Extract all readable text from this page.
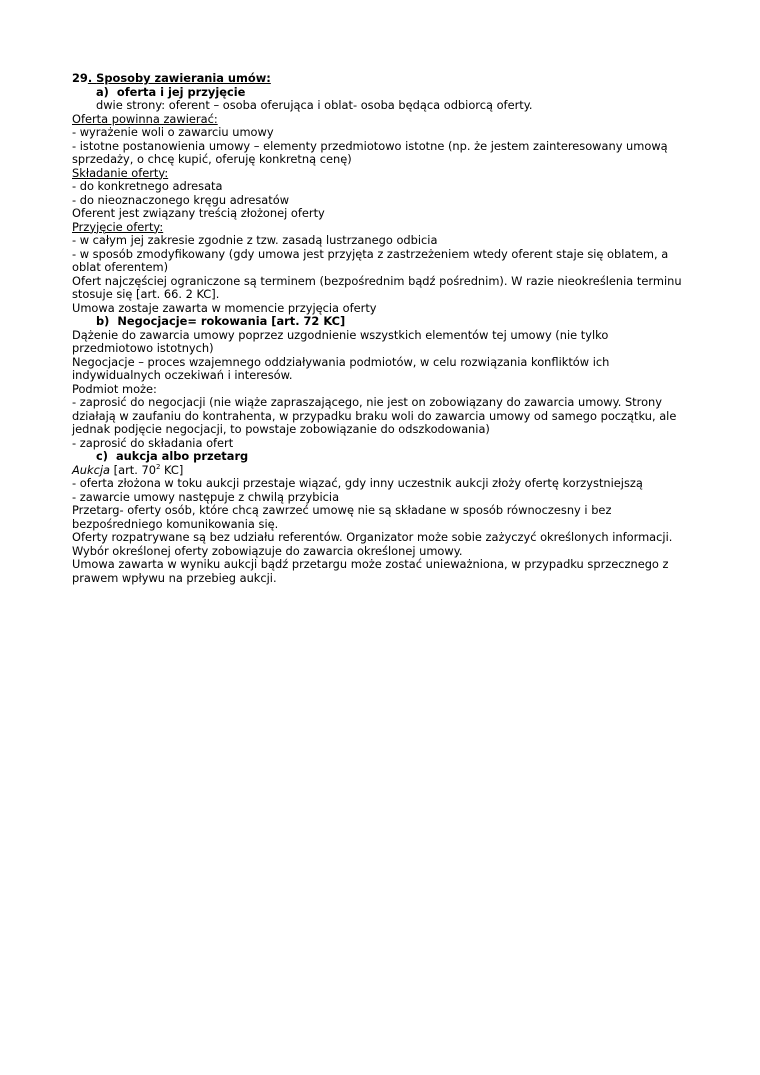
29. Sposoby zawierania umów:
a) oferta i jej przyjęcie
dwie strony: oferent – osoba oferująca i oblat- osoba będąca odbiorcą oferty.
Oferta powinna zawierać:
- wyrażenie woli o zawarciu umowy
- istotne postanowienia umowy – elementy przedmiotowo istotne (np. że jestem zainteresowany umową sprzedaży, o chcę kupić, oferuję konkretną cenę)
Składanie oferty:
- do konkretnego adresata
- do nieoznaczonego kręgu adresatów
Oferent jest związany treścią złożonej oferty
Przyjęcie oferty:
- w całym jej zakresie zgodnie z tzw. zasadą lustrzanego odbicia
- w sposób zmodyfikowany (gdy umowa jest przyjęta z zastrzeżeniem wtedy oferent staje się oblatem, a oblat oferentem)
Ofert najczęściej ograniczone są terminem (bezpośrednim bądź pośrednim). W razie nieokreślenia terminu stosuje się [art. 66. 2 KC].
Umowa zostaje zawarta w momencie przyjęcia oferty
b) Negocjacje= rokowania [art. 72 KC]
Dążenie do zawarcia umowy poprzez uzgodnienie wszystkich elementów tej umowy (nie tylko przedmiotowo istotnych)
Negocjacje – proces wzajemnego oddziaływania podmiotów, w celu rozwiązania konfliktów ich indywidualnych oczekiwań i interesów.
Podmiot może:
- zaprosić do negocjacji (nie wiąże zapraszającego, nie jest on zobowiązany do zawarcia umowy. Strony działają w zaufaniu do kontrahenta, w przypadku braku woli do zawarcia umowy od samego początku, ale jednak podjęcie negocjacji, to powstaje zobowiązanie do odszkodowania)
- zaprosić do składania ofert
c) aukcja albo przetarg
Aukcja [art. $70^2$ KC]
- oferta złożona w toku aukcji przestaje wiązać, gdy inny uczestnik aukcji złoży ofertę korzystniejszą
- zawarcie umowy następuje z chwilą przybicia
Przetarg- oferty osób, które chcą zawrzeć umowę nie są składane w sposób równoczesny i bez bezpośredniego komunikowania się.
Oferty rozpatrywane są bez udziału referentów. Organizator może sobie zażyczyć określonych informacji. Wybór określonej oferty zobowiązuje do zawarcia określonej umowy.
Umowa zawarta w wyniku aukcji bądź przetargu może zostać unieważniona, w przypadku sprzecznego z prawem wpływu na przebieg aukcji.
